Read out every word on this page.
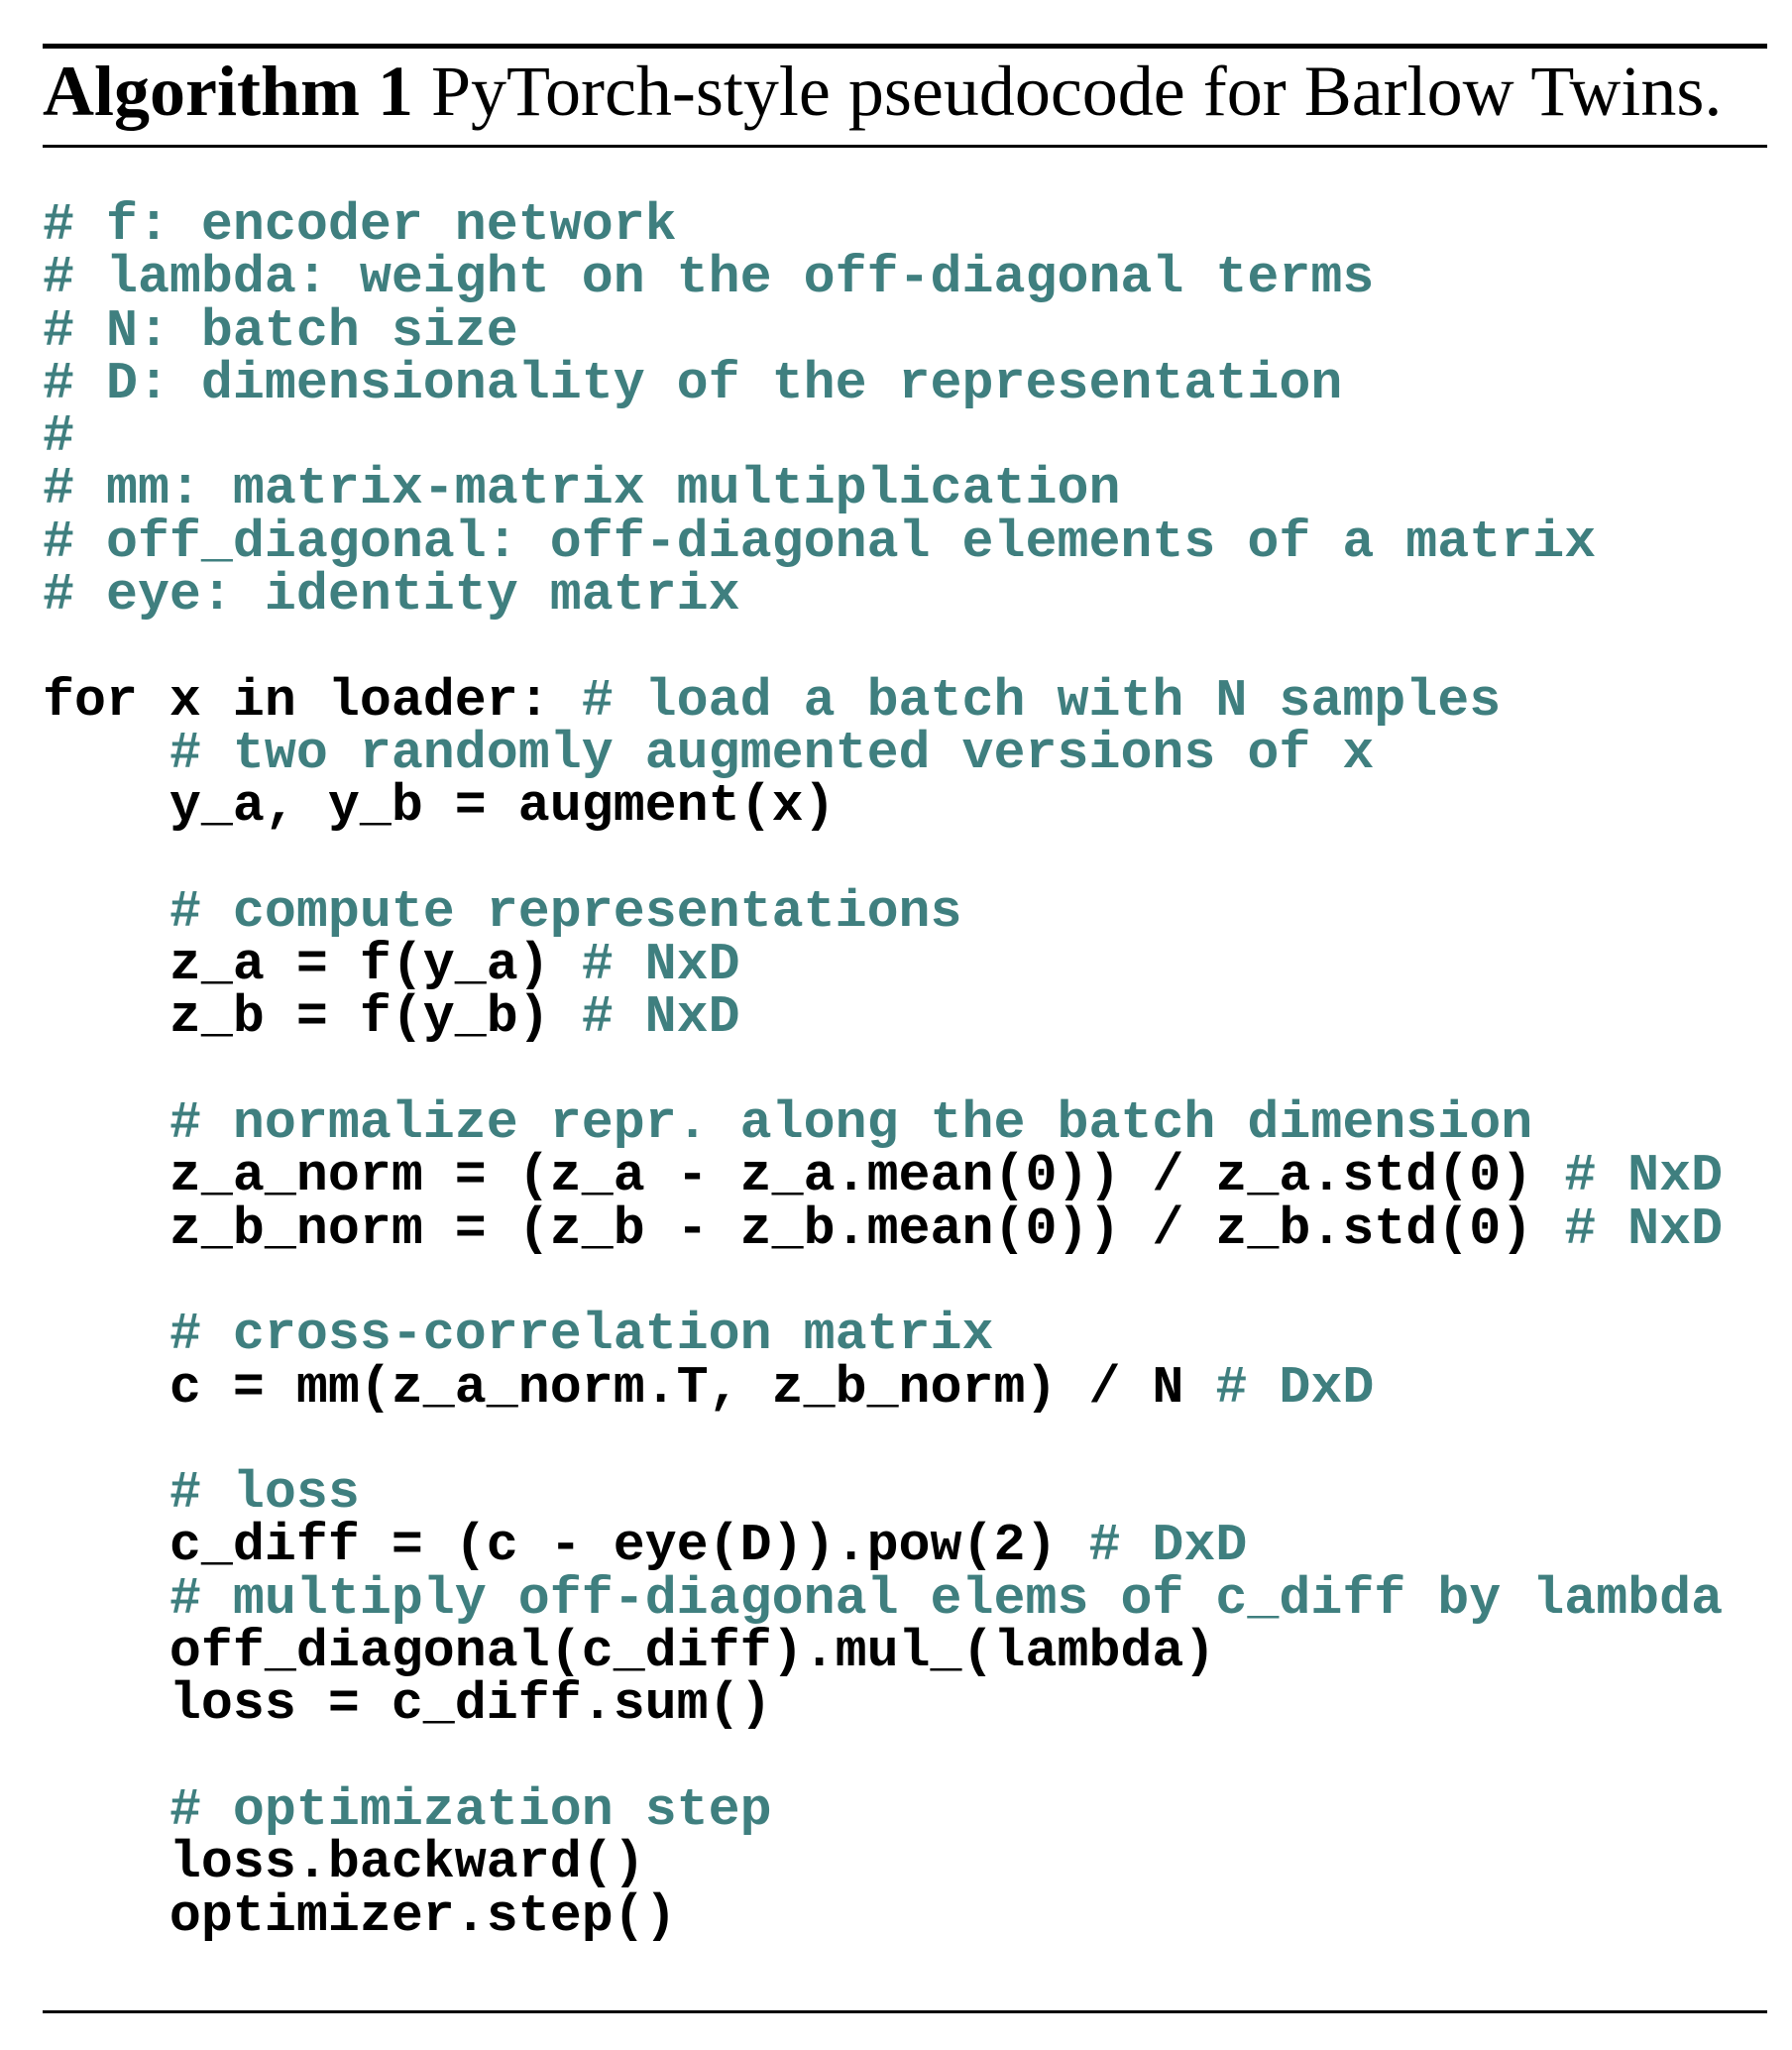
Algorithm 1 PyTorch-style pseudocode for Barlow Twins.
# f: encoder network
# lambda: weight on the off-diagonal terms
# N: batch size
# D: dimensionality of the representation
#
# mm: matrix-matrix multiplication
# off_diagonal: off-diagonal elements of a matrix
# eye: identity matrix
for x in loader: # load a batch with N samples
# two randomly augmented versions of x
y_a, y_b = augment(x)
# compute representations
z_a = f(y_a) # NxD
z_b = f(y_b) # NxD
# normalize repr. along the batch dimension
z_a_norm = (z_a - z_a.mean(0)) / z_a.std(0) # NxD
z_b_norm = (z_b - z_b.mean(0)) / z_b.std(0) # NxD
# cross-correlation matrix
c = mm(z_a_norm.T, z_b_norm) / N # DxD
# loss
c_diff = (c - eye(D)).pow(2) # DxD
# multiply off-diagonal elems of c_diff by lambda
off_diagonal(c_diff).mul_(lambda)
loss = c_diff.sum()
# optimization step
loss.backward()
optimizer.step()
